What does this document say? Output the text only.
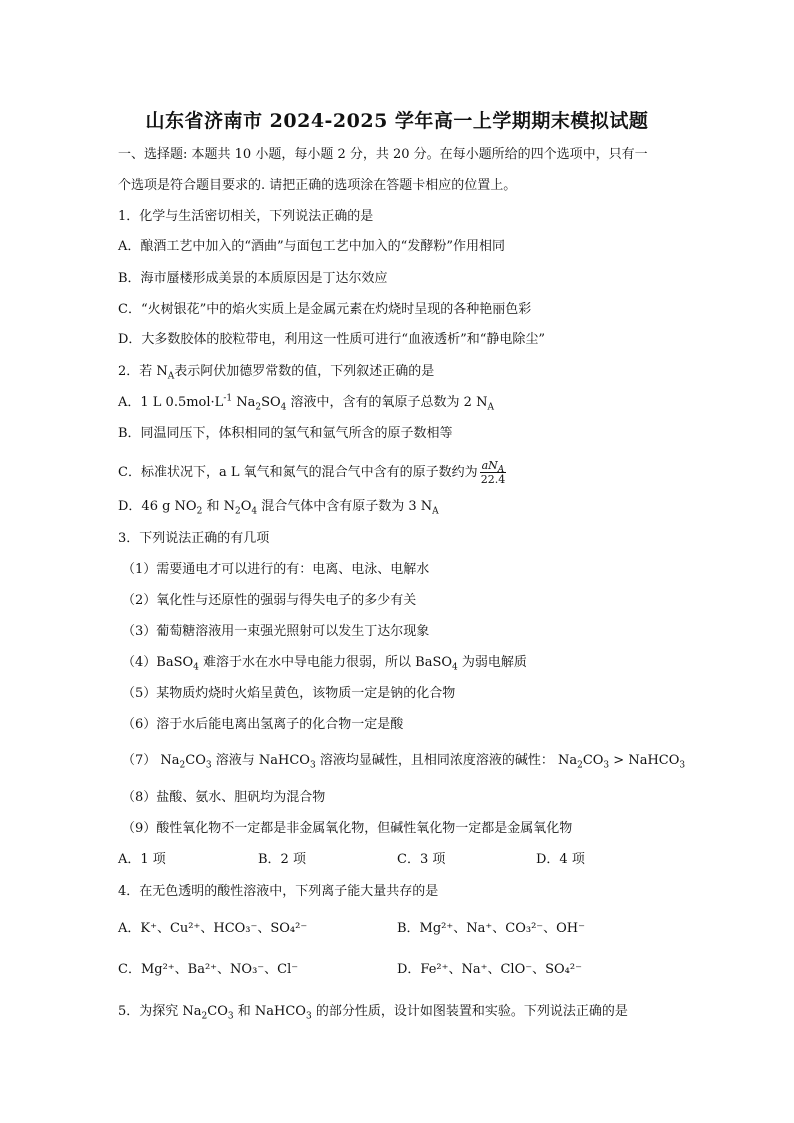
山东省济南市 2024-2025 学年高一上学期期末模拟试题
一、选择题: 本题共 10 小题，每小题 2 分，共 20 分。在每小题所给的四个选项中，只有一
个选项是符合题目要求的. 请把正确的选项涂在答题卡相应的位置上。
1．化学与生活密切相关，下列说法正确的是
A．酿酒工艺中加入的“酒曲”与面包工艺中加入的“发酵粉”作用相同
B．海市蜃楼形成美景的本质原因是丁达尔效应
C．“火树银花”中的焰火实质上是金属元素在灼烧时呈现的各种艳丽色彩
D．大多数胶体的胶粒带电，利用这一性质可进行“血液透析”和“静电除尘”
2．若 $N_A$表示阿伏加德罗常数的值，下列叙述正确的是
A．1 L $0.5mol\cdot L^{-1}$ $Na_2SO_4$ 溶液中，含有的氧原子总数为 2 $N_A$
B．同温同压下，体积相同的氢气和氩气所含的原子数相等
C．标准状况下，a L 氧气和氮气的混合气中含有的原子数约为 $\frac{aN_A}{22.4}$
D．46 g $NO_2$ 和 $N_2O_4$ 混合气体中含有原子数为 3 $N_A$
3．下列说法正确的有几项
（1）需要通电才可以进行的有：电离、电泳、电解水
（2）氧化性与还原性的强弱与得失电子的多少有关
（3）葡萄糖溶液用一束强光照射可以发生丁达尔现象
（4）BaSO$_4$ 难溶于水在水中导电能力很弱，所以 BaSO$_4$ 为弱电解质
（5）某物质灼烧时火焰呈黄色，该物质一定是钠的化合物
（6）溶于水后能电离出氢离子的化合物一定是酸
（7） $Na_2CO_3$ 溶液与 NaHCO$_3$ 溶液均显碱性，且相同浓度溶液的碱性： $Na_2CO_3$ > NaHCO$_3$
（8）盐酸、氨水、胆矾均为混合物
（9）酸性氧化物不一定都是非金属氧化物，但碱性氧化物一定都是金属氧化物
A．1 项	B．2 项	C．3 项	D．4 项
4．在无色透明的酸性溶液中，下列离子能大量共存的是
A．K⁺、Cu²⁺、HCO₃⁻、SO₄²⁻	B．Mg²⁺、Na⁺、CO₃²⁻、OH⁻
C．Mg²⁺、Ba²⁺、NO₃⁻、Cl⁻	D．Fe²⁺、Na⁺、ClO⁻、SO₄²⁻
5．为探究 $Na_2CO_3$ 和 NaHCO$_3$ 的部分性质，设计如图装置和实验。下列说法正确的是
